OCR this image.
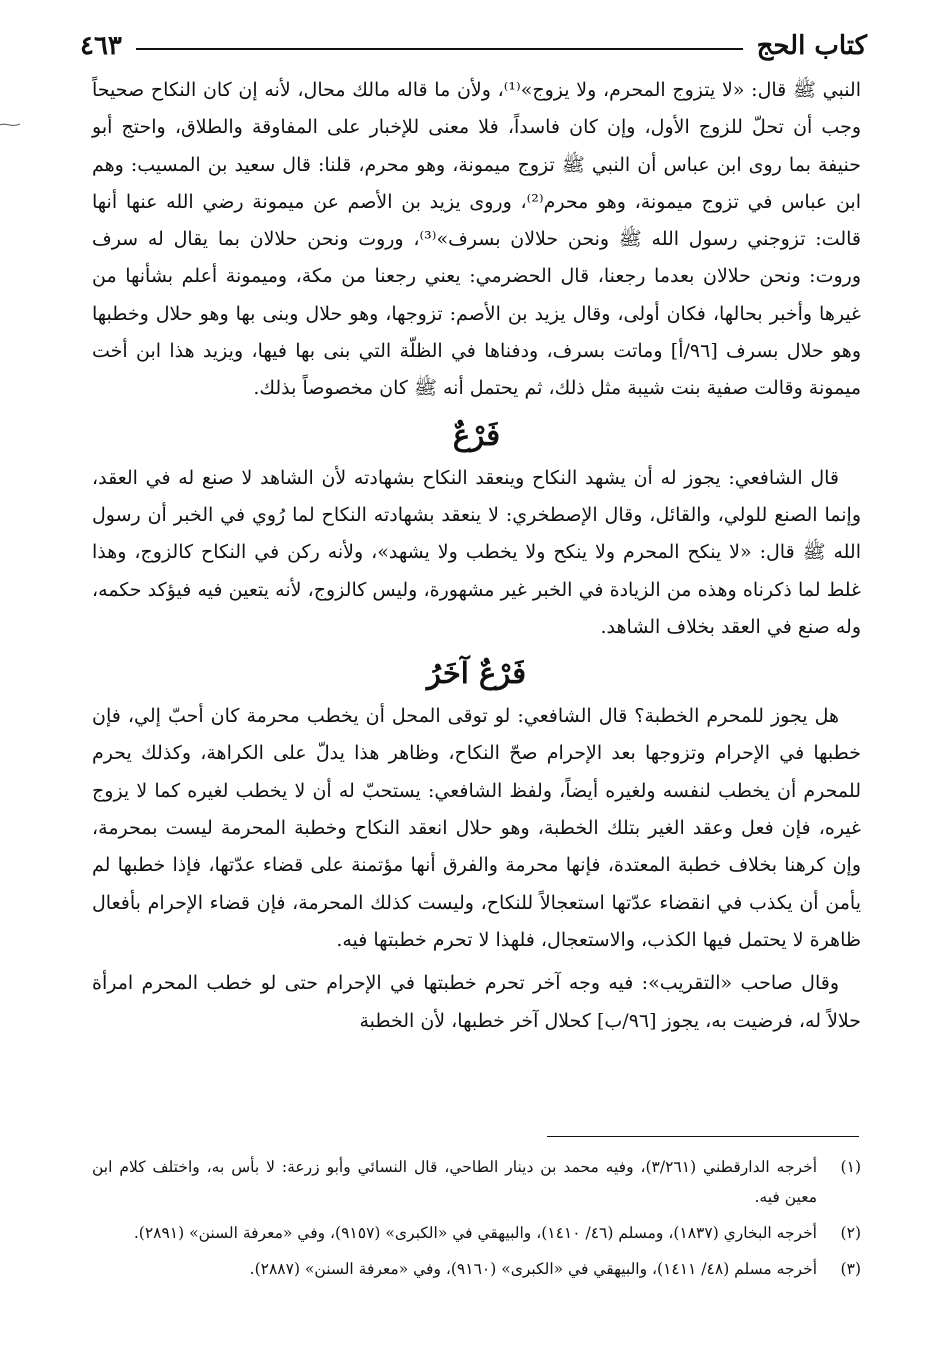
كتاب الحج
٤٦٣

النبي ﷺ قال: «لا يتزوج المحرم، ولا يزوج»⁽¹⁾، ولأن ما قاله مالك محال، لأنه إن كان النكاح صحيحاً وجب أن تحلّ للزوج الأول، وإن كان فاسداً، فلا معنى للإخبار على المفاوقة والطلاق، واحتج أبو حنيفة بما روى ابن عباس أن النبي ﷺ تزوج ميمونة، وهو محرم، قلنا: قال سعيد بن المسيب: وهم ابن عباس في تزوج ميمونة، وهو محرم⁽²⁾، وروى يزيد بن الأصم عن ميمونة رضي الله عنها أنها قالت: تزوجني رسول الله ﷺ ونحن حلالان بسرف»⁽³⁾، وروت ونحن حلالان بما يقال له سرف وروت: ونحن حلالان بعدما رجعنا، قال الحضرمي: يعني رجعنا من مكة، وميمونة أعلم بشأنها من غيرها وأخبر بحالها، فكان أولى، وقال يزيد بن الأصم: تزوجها، وهو حلال وبنى بها وهو حلال وخطبها وهو حلال بسرف [٩٦/أ] وماتت بسرف، ودفناها في الظلّة التي بنى بها فيها، ويزيد هذا ابن أخت ميمونة وقالت صفية بنت شيبة مثل ذلك، ثم يحتمل أنه ﷺ كان مخصوصاً بذلك.

فَرْعٌ

قال الشافعي: يجوز له أن يشهد النكاح وينعقد النكاح بشهادته لأن الشاهد لا صنع له في العقد، وإنما الصنع للولي، والقائل، وقال الإصطخري: لا ينعقد بشهادته النكاح لما رُوي في الخبر أن رسول الله ﷺ قال: «لا ينكح المحرم ولا ينكح ولا يخطب ولا يشهد»، ولأنه ركن في النكاح كالزوج، وهذا غلط لما ذكرناه وهذه من الزيادة في الخبر غير مشهورة، وليس كالزوج، لأنه يتعين فيه فيؤكد حكمه، وله صنع في العقد بخلاف الشاهد.

فَرْعٌ آخَرُ

هل يجوز للمحرم الخطبة؟ قال الشافعي: لو توقى المحل أن يخطب محرمة كان أحبّ إلي، فإن خطبها في الإحرام وتزوجها بعد الإحرام صحّ النكاح، وظاهر هذا يدلّ على الكراهة، وكذلك يحرم للمحرم أن يخطب لنفسه ولغيره أيضاً، ولفظ الشافعي: يستحبّ له أن لا يخطب لغيره كما لا يزوج غيره، فإن فعل وعقد الغير بتلك الخطبة، وهو حلال انعقد النكاح وخطبة المحرمة ليست بمحرمة، وإن كرهنا بخلاف خطبة المعتدة، فإنها محرمة والفرق أنها مؤتمنة على قضاء عدّتها، فإذا خطبها لم يأمن أن يكذب في انقضاء عدّتها استعجالاً للنكاح، وليست كذلك المحرمة، فإن قضاء الإحرام بأفعال ظاهرة لا يحتمل فيها الكذب، والاستعجال، فلهذا لا تحرم خطبتها فيه.

وقال صاحب «التقريب»: فيه وجه آخر تحرم خطبتها في الإحرام حتى لو خطب المحرم امرأة حلالاً له، فرضيت به، يجوز [٩٦/ب] كحلال آخر خطبها، لأن الخطبة

(١)
أخرجه الدارقطني (٣/٢٦١)، وفيه محمد بن دينار الطاحي، قال النسائي وأبو زرعة: لا بأس به، واختلف كلام ابن معين فيه.
(٢)
أخرجه البخاري (١٨٣٧)، ومسلم (٤٦/ ١٤١٠)، والبيهقي في «الكبرى» (٩١٥٧)، وفي «معرفة السنن» (٢٨٩١).
(٣)
أخرجه مسلم (٤٨/ ١٤١١)، والبيهقي في «الكبرى» (٩١٦٠)، وفي «معرفة السنن» (٢٨٨٧).
